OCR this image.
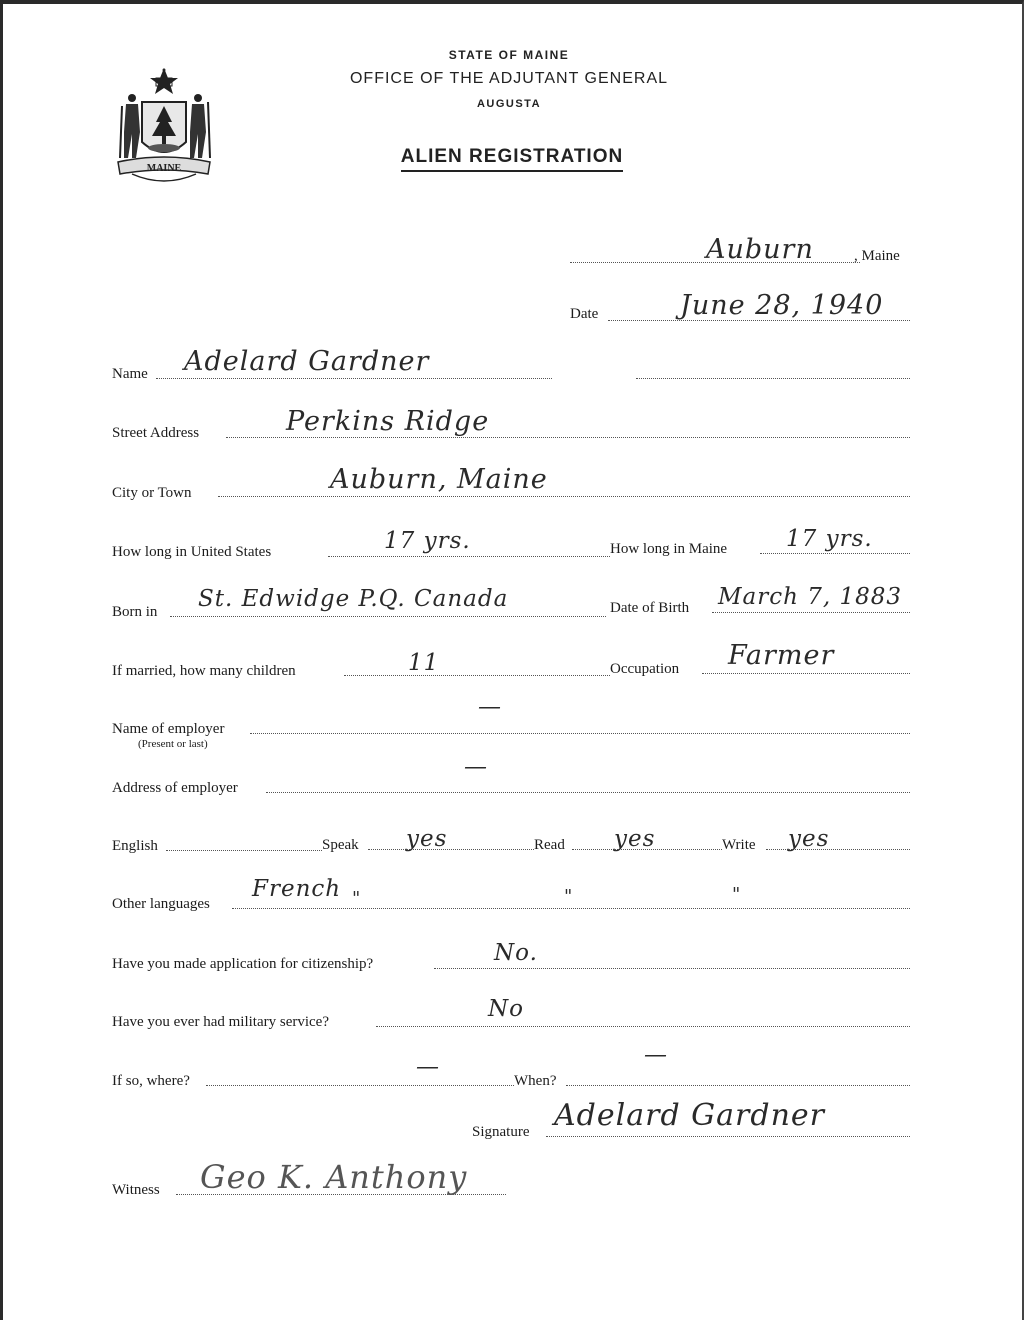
MAINE
STATE OF MAINE
OFFICE OF THE ADJUTANT GENERAL
AUGUSTA
ALIEN REGISTRATION
Auburn	, Maine
Date	June 28, 1940
Name Adelard Gardner
Street Address	Perkins Ridge
City or Town	Auburn, Maine
How long in United States	17 yrs.	How long in Maine	17 yrs.
Born in St. Edwidge P.Q. Canada	Date of Birth March 7, 1883
If married, how many children	11	Occupation Farmer
Name of employer
(Present or last)
—
Address of employer
—
English	Speak yes	Read yes	Write yes
Other languages
French "	"	"
Have you made application for citizenship?	No.
Have you ever had military service?	No
If so, where?
—
When?
—
Signature Adelard Gardner
Witness Geo K. Anthony
